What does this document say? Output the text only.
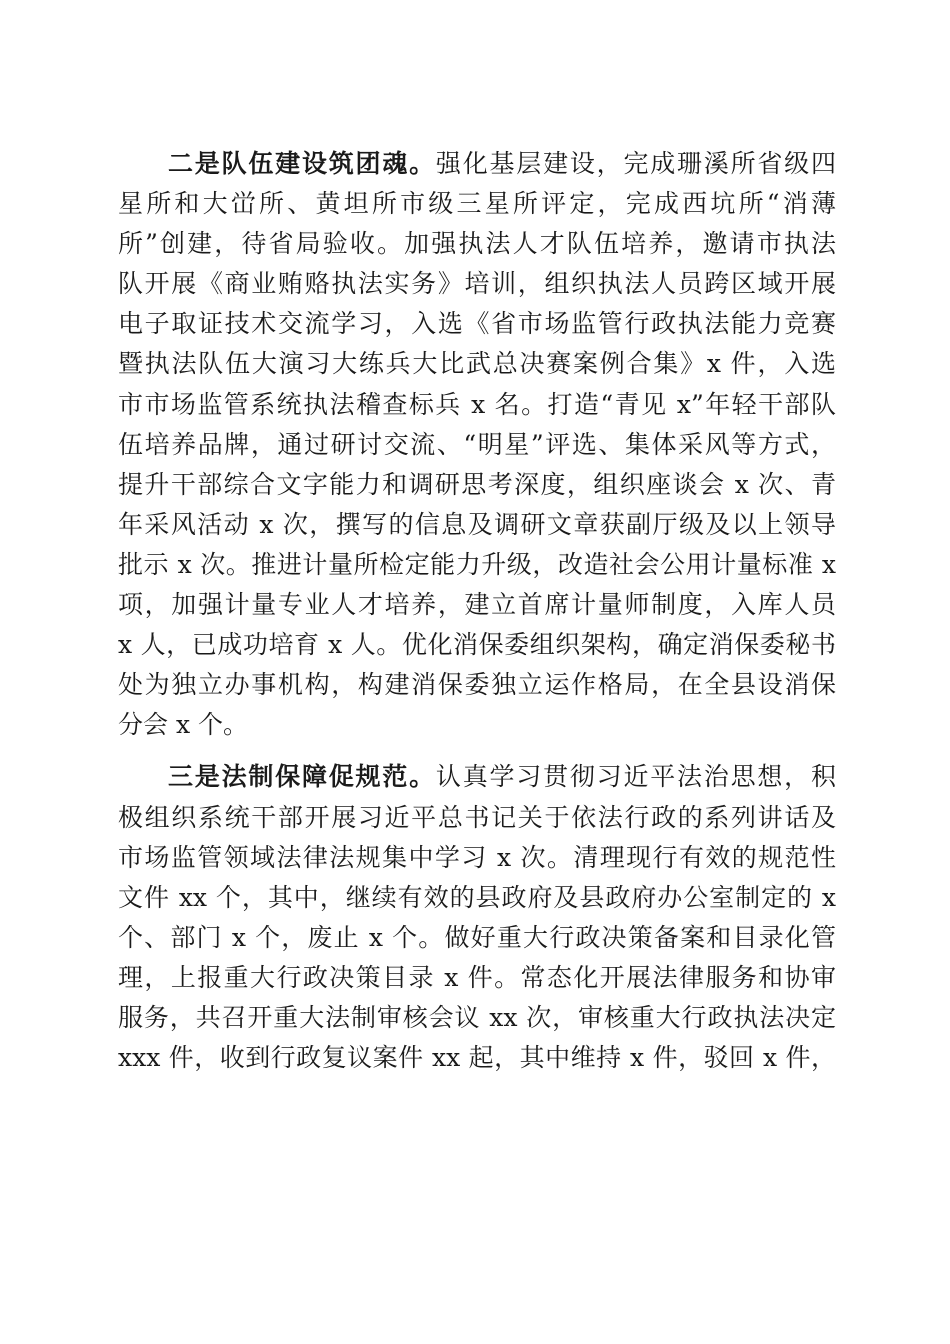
二是队伍建设筑团魂。强化基层建设，完成珊溪所省级四
星所和大峃所、黄坦所市级三星所评定，完成西坑所“消薄
所”创建，待省局验收。加强执法人才队伍培养，邀请市执法
队开展《商业贿赂执法实务》培训，组织执法人员跨区域开展
电子取证技术交流学习，入选《省市场监管行政执法能力竞赛
暨执法队伍大演习大练兵大比武总决赛案例合集》x 件，入选
市市场监管系统执法稽查标兵 x 名。打造“青见 x”年轻干部队
伍培养品牌，通过研讨交流、“明星”评选、集体采风等方式，
提升干部综合文字能力和调研思考深度，组织座谈会 x 次、青
年采风活动 x 次，撰写的信息及调研文章获副厅级及以上领导
批示 x 次。推进计量所检定能力升级，改造社会公用计量标准 x
项，加强计量专业人才培养，建立首席计量师制度，入库人员
x 人，已成功培育 x 人。优化消保委组织架构，确定消保委秘书
处为独立办事机构，构建消保委独立运作格局，在全县设消保
分会 x 个。
三是法制保障促规范。认真学习贯彻习近平法治思想，积
极组织系统干部开展习近平总书记关于依法行政的系列讲话及
市场监管领域法律法规集中学习 x 次。清理现行有效的规范性
文件 xx 个，其中，继续有效的县政府及县政府办公室制定的 x
个、部门 x 个，废止 x 个。做好重大行政决策备案和目录化管
理，上报重大行政决策目录 x 件。常态化开展法律服务和协审
服务，共召开重大法制审核会议 xx 次，审核重大行政执法决定
xxx 件，收到行政复议案件 xx 起，其中维持 x 件，驳回 x 件，
